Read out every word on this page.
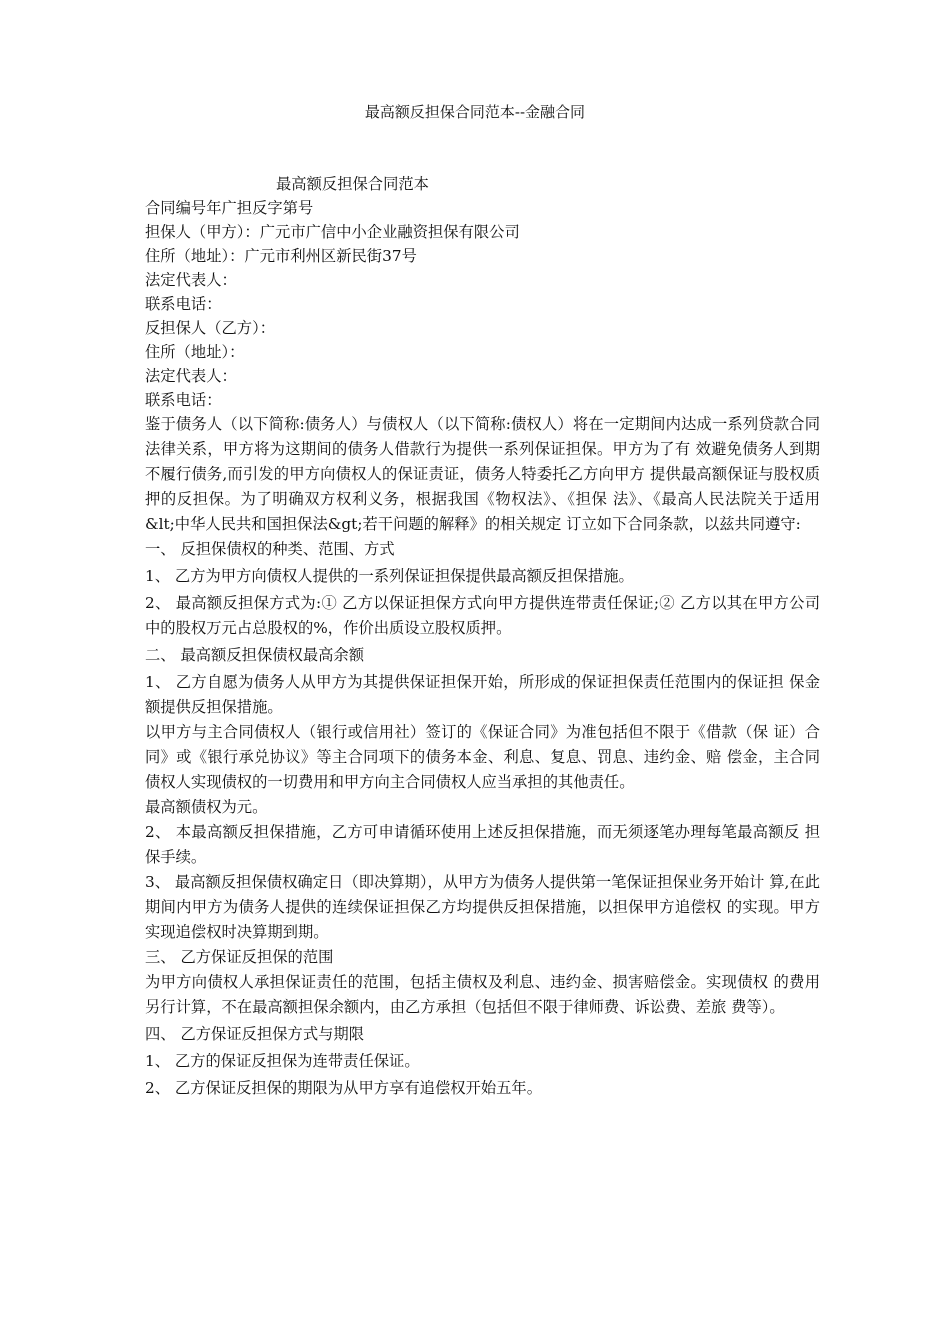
最高额反担保合同范本--金融合同

最高额反担保合同范本

合同编号年广担反字第号

担保人（甲方）：广元市广信中小企业融资担保有限公司

住所（地址）：广元市利州区新民街37号

法定代表人：

联系电话：

反担保人（乙方）：

住所（地址）：

法定代表人：

联系电话：

鉴于债务人（以下简称:债务人）与债权人（以下简称:债权人）将在一定期间内达成一系列贷款合同法律关系，甲方将为这期间的债务人借款行为提供一系列保证担保。甲方为了有 效避免债务人到期不履行债务,而引发的甲方向债权人的保证责证，债务人特委托乙方向甲方 提供最高额保证与股权质押的反担保。为了明确双方权利义务，根据我国《物权法》、《担保 法》、《最高人民法院关于适用&lt;中华人民共和国担保法&gt;若干问题的解释》的相关规定 订立如下合同条款，以兹共同遵守:

一、 反担保债权的种类、范围、方式

1、 乙方为甲方向债权人提供的一系列保证担保提供最高额反担保措施。

2、 最高额反担保方式为:① 乙方以保证担保方式向甲方提供连带责任保证;② 乙方以其在甲方公司中的股权万元占总股权的%，作价出质设立股权质押。

二、 最高额反担保债权最高余额

1、 乙方自愿为债务人从甲方为其提供保证担保开始，所形成的保证担保责任范围内的保证担 保金额提供反担保措施。

以甲方与主合同债权人（银行或信用社）签订的《保证合同》为准包括但不限于《借款（保 证）合同》或《银行承兑协议》等主合同项下的债务本金、利息、复息、罚息、违约金、赔 偿金，主合同债权人实现债权的一切费用和甲方向主合同债权人应当承担的其他责任。

最高额债权为元。

2、 本最高额反担保措施，乙方可申请循环使用上述反担保措施，而无须逐笔办理每笔最高额反 担保手续。

3、 最高额反担保债权确定日（即决算期），从甲方为债务人提供第一笔保证担保业务开始计 算,在此期间内甲方为债务人提供的连续保证担保乙方均提供反担保措施，以担保甲方追偿权 的实现。甲方实现追偿权时决算期到期。

三、 乙方保证反担保的范围

为甲方向债权人承担保证责任的范围，包括主债权及利息、违约金、损害赔偿金。实现债权 的费用另行计算，不在最高额担保余额内，由乙方承担（包括但不限于律师费、诉讼费、差旅 费等）。

四、 乙方保证反担保方式与期限

1、 乙方的保证反担保为连带责任保证。

2、 乙方保证反担保的期限为从甲方享有追偿权开始五年。
